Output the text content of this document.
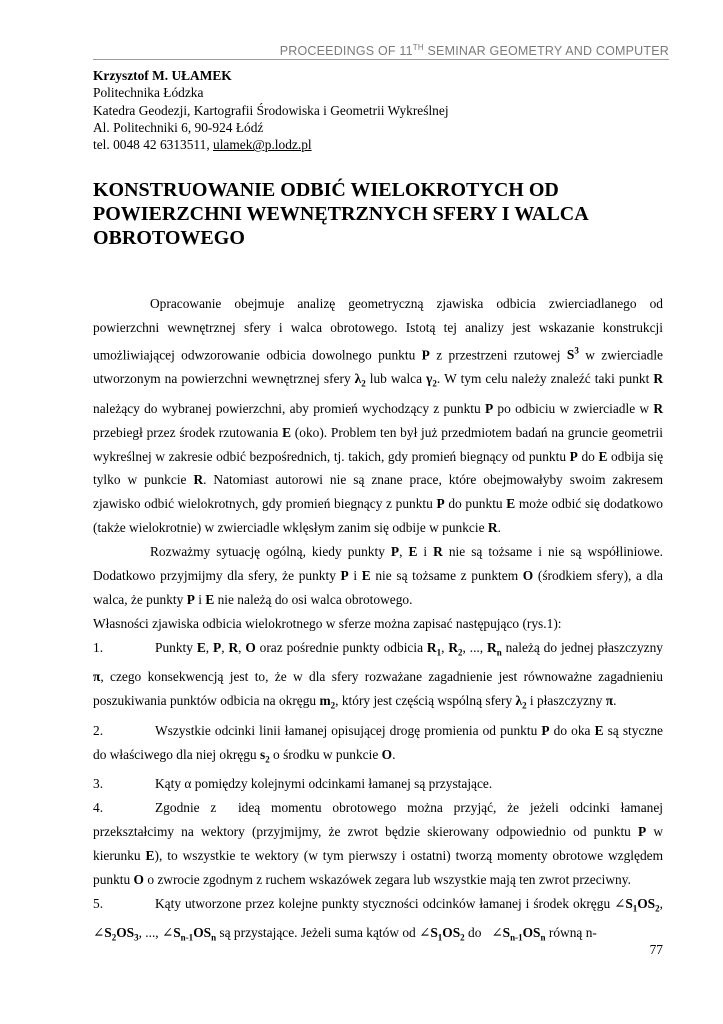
PROCEEDINGS OF 11TH SEMINAR GEOMETRY AND COMPUTER
Krzysztof M. UŁAMEK
Politechnika Łódzka
Katedra Geodezji, Kartografii Środowiska i Geometrii Wykreślnej
Al. Politechniki 6, 90-924 Łódź
tel. 0048 42 6313511, ulamek@p.lodz.pl
KONSTRUOWANIE ODBIĆ WIELOKROTYCH OD POWIERZCHNI WEWNĘTRZNYCH SFERY I WALCA OBROTOWEGO

Opracowanie obejmuje analizę geometryczną zjawiska odbicia zwierciadlanego od powierzchni wewnętrznej sfery i walca obrotowego. Istotą tej analizy jest wskazanie konstrukcji umożliwiającej odwzorowanie odbicia dowolnego punktu P z przestrzeni rzutowej $S^3$ w zwierciadle utworzonym na powierzchni wewnętrznej sfery $\lambda_2$ lub walca $\gamma_2$. W tym celu należy znaleźć taki punkt R należący do wybranej powierzchni, aby promień wychodzący z punktu P po odbiciu w zwierciadle w R przebiegł przez środek rzutowania E (oko). Problem ten był już przedmiotem badań na gruncie geometrii wykreślnej w zakresie odbić bezpośrednich, tj. takich, gdy promień biegnący od punktu P do E odbija się tylko w punkcie R. Natomiast autorowi nie są znane prace, które obejmowałyby swoim zakresem zjawisko odbić wielokrotnych, gdy promień biegnący z punktu P do punktu E może odbić się dodatkowo (także wielokrotnie) w zwierciadle wklęsłym zanim się odbije w punkcie R.

Rozważmy sytuację ogólną, kiedy punkty P, E i R nie są tożsame i nie są współliniowe. Dodatkowo przyjmijmy dla sfery, że punkty P i E nie są tożsame z punktem O (środkiem sfery), a dla walca, że punkty P i E nie należą do osi walca obrotowego.

Własności zjawiska odbicia wielokrotnego w sferze można zapisać następująco (rys.1):

1.	Punkty E, P, R, O oraz pośrednie punkty odbicia $R_1$, $R_2$, ..., $R_n$ należą do jednej płaszczyzny π, czego konsekwencją jest to, że w dla sfery rozważane zagadnienie jest równoważne zagadnieniu poszukiwania punktów odbicia na okręgu $m_2$, który jest częścią wspólną sfery $\lambda_2$ i płaszczyzny π.

2.	Wszystkie odcinki linii łamanej opisującej drogę promienia od punktu P do oka E są styczne do właściwego dla niej okręgu $s_2$ o środku w punkcie O.

3.	Kąty α pomiędzy kolejnymi odcinkami łamanej są przystające.

4.	Zgodnie z  ideą momentu obrotowego można przyjąć, że jeżeli odcinki łamanej przekształcimy na wektory (przyjmijmy, że zwrot będzie skierowany odpowiednio od punktu P w kierunku E), to wszystkie te wektory (w tym pierwszy i ostatni) tworzą momenty obrotowe względem punktu O o zwrocie zgodnym z ruchem wskazówek zegara lub wszystkie mają ten zwrot przeciwny.

5.	Kąty utworzone przez kolejne punkty styczności odcinków łamanej i środek okręgu $\angle S_1OS_2$, $\angle S_2OS_3$, ..., $\angle S_{n-1}OS_n$ są przystające. Jeżeli suma kątów od $\angle S_1OS_2$ do   $\angle S_{n-1}OS_n$ równą n-

77
